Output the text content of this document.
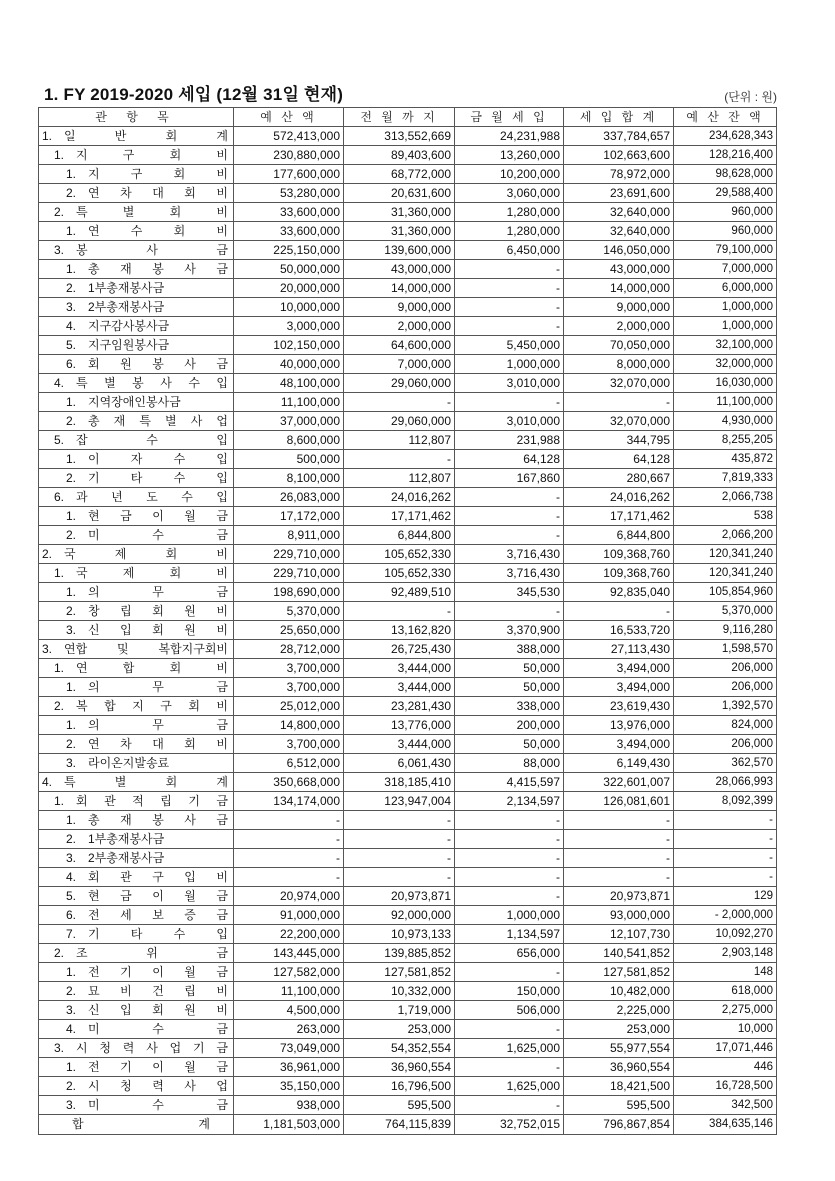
1. FY 2019-2020 세입 (12월 31일 현재)	(단위 : 원)
관 항 목	예 산 액	전 월 까 지	금 월 세 입	세 입 합 계	예 산 잔 액

1. 일 반 회 계	572,413,000	313,552,669	24,231,988	337,784,657	234,628,343

1. 지 구 회 비	230,880,000	89,403,600	13,260,000	102,663,600	128,216,400

1. 지 구 회 비	177,600,000	68,772,000	10,200,000	78,972,000	98,628,000

2. 연 차 대 회 비	53,280,000	20,631,600	3,060,000	23,691,600	29,588,400

2. 특 별 회 비	33,600,000	31,360,000	1,280,000	32,640,000	960,000

1. 연 수 회 비	33,600,000	31,360,000	1,280,000	32,640,000	960,000

3. 봉 사 금	225,150,000	139,600,000	6,450,000	146,050,000	79,100,000

1. 총 재 봉 사 금	50,000,000	43,000,000	-	43,000,000	7,000,000

2. 1부총재봉사금	20,000,000	14,000,000	-	14,000,000	6,000,000

3. 2부총재봉사금	10,000,000	9,000,000	-	9,000,000	1,000,000

4. 지구감사봉사금	3,000,000	2,000,000	-	2,000,000	1,000,000

5. 지구임원봉사금	102,150,000	64,600,000	5,450,000	70,050,000	32,100,000

6. 회 원 봉 사 금	40,000,000	7,000,000	1,000,000	8,000,000	32,000,000

4. 특 별 봉 사 수 입	48,100,000	29,060,000	3,010,000	32,070,000	16,030,000

1. 지역장애인봉사금	11,100,000	-	-	-	11,100,000

2. 총 재 특 별 사 업	37,000,000	29,060,000	3,010,000	32,070,000	4,930,000

5. 잡 수 입	8,600,000	112,807	231,988	344,795	8,255,205

1. 이 자 수 입	500,000	-	64,128	64,128	435,872

2. 기 타 수 입	8,100,000	112,807	167,860	280,667	7,819,333

6. 과 년 도 수 입	26,083,000	24,016,262	-	24,016,262	2,066,738

1. 현 금 이 월 금	17,172,000	17,171,462	-	17,171,462	538

2. 미 수 금	8,911,000	6,844,800	-	6,844,800	2,066,200

2. 국 제 회 비	229,710,000	105,652,330	3,716,430	109,368,760	120,341,240

1. 국 제 회 비	229,710,000	105,652,330	3,716,430	109,368,760	120,341,240

1. 의 무 금	198,690,000	92,489,510	345,530	92,835,040	105,854,960

2. 창 립 회 원 비	5,370,000	-	-	-	5,370,000

3. 신 입 회 원 비	25,650,000	13,162,820	3,370,900	16,533,720	9,116,280

3. 연합 및 복합지구회비	28,712,000	26,725,430	388,000	27,113,430	1,598,570

1. 연 합 회 비	3,700,000	3,444,000	50,000	3,494,000	206,000

1. 의 무 금	3,700,000	3,444,000	50,000	3,494,000	206,000

2. 복 합 지 구 회 비	25,012,000	23,281,430	338,000	23,619,430	1,392,570

1. 의 무 금	14,800,000	13,776,000	200,000	13,976,000	824,000

2. 연 차 대 회 비	3,700,000	3,444,000	50,000	3,494,000	206,000

3. 라이온지발송료	6,512,000	6,061,430	88,000	6,149,430	362,570

4. 특 별 회 계	350,668,000	318,185,410	4,415,597	322,601,007	28,066,993

1. 회 관 적 립 기 금	134,174,000	123,947,004	2,134,597	126,081,601	8,092,399

1. 총 재 봉 사 금	-	-	-	-	-

2. 1부총재봉사금	-	-	-	-	-

3. 2부총재봉사금	-	-	-	-	-

4. 회 관 구 입 비	-	-	-	-	-

5. 현 금 이 월 금	20,974,000	20,973,871	-	20,973,871	129

6. 전 세 보 증 금	91,000,000	92,000,000	1,000,000	93,000,000	- 2,000,000

7. 기 타 수 입	22,200,000	10,973,133	1,134,597	12,107,730	10,092,270

2. 조 위 금	143,445,000	139,885,852	656,000	140,541,852	2,903,148

1. 전 기 이 월 금	127,582,000	127,581,852	-	127,581,852	148

2. 묘 비 건 립 비	11,100,000	10,332,000	150,000	10,482,000	618,000

3. 신 입 회 원 비	4,500,000	1,719,000	506,000	2,225,000	2,275,000

4. 미 수 금	263,000	253,000	-	253,000	10,000

3. 시 청 력 사 업 기 금	73,049,000	54,352,554	1,625,000	55,977,554	17,071,446

1. 전 기 이 월 금	36,961,000	36,960,554	-	36,960,554	446

2. 시 청 력 사 업	35,150,000	16,796,500	1,625,000	18,421,500	16,728,500

3. 미 수 금	938,000	595,500	-	595,500	342,500

합 계	1,181,503,000	764,115,839	32,752,015	796,867,854	384,635,146
